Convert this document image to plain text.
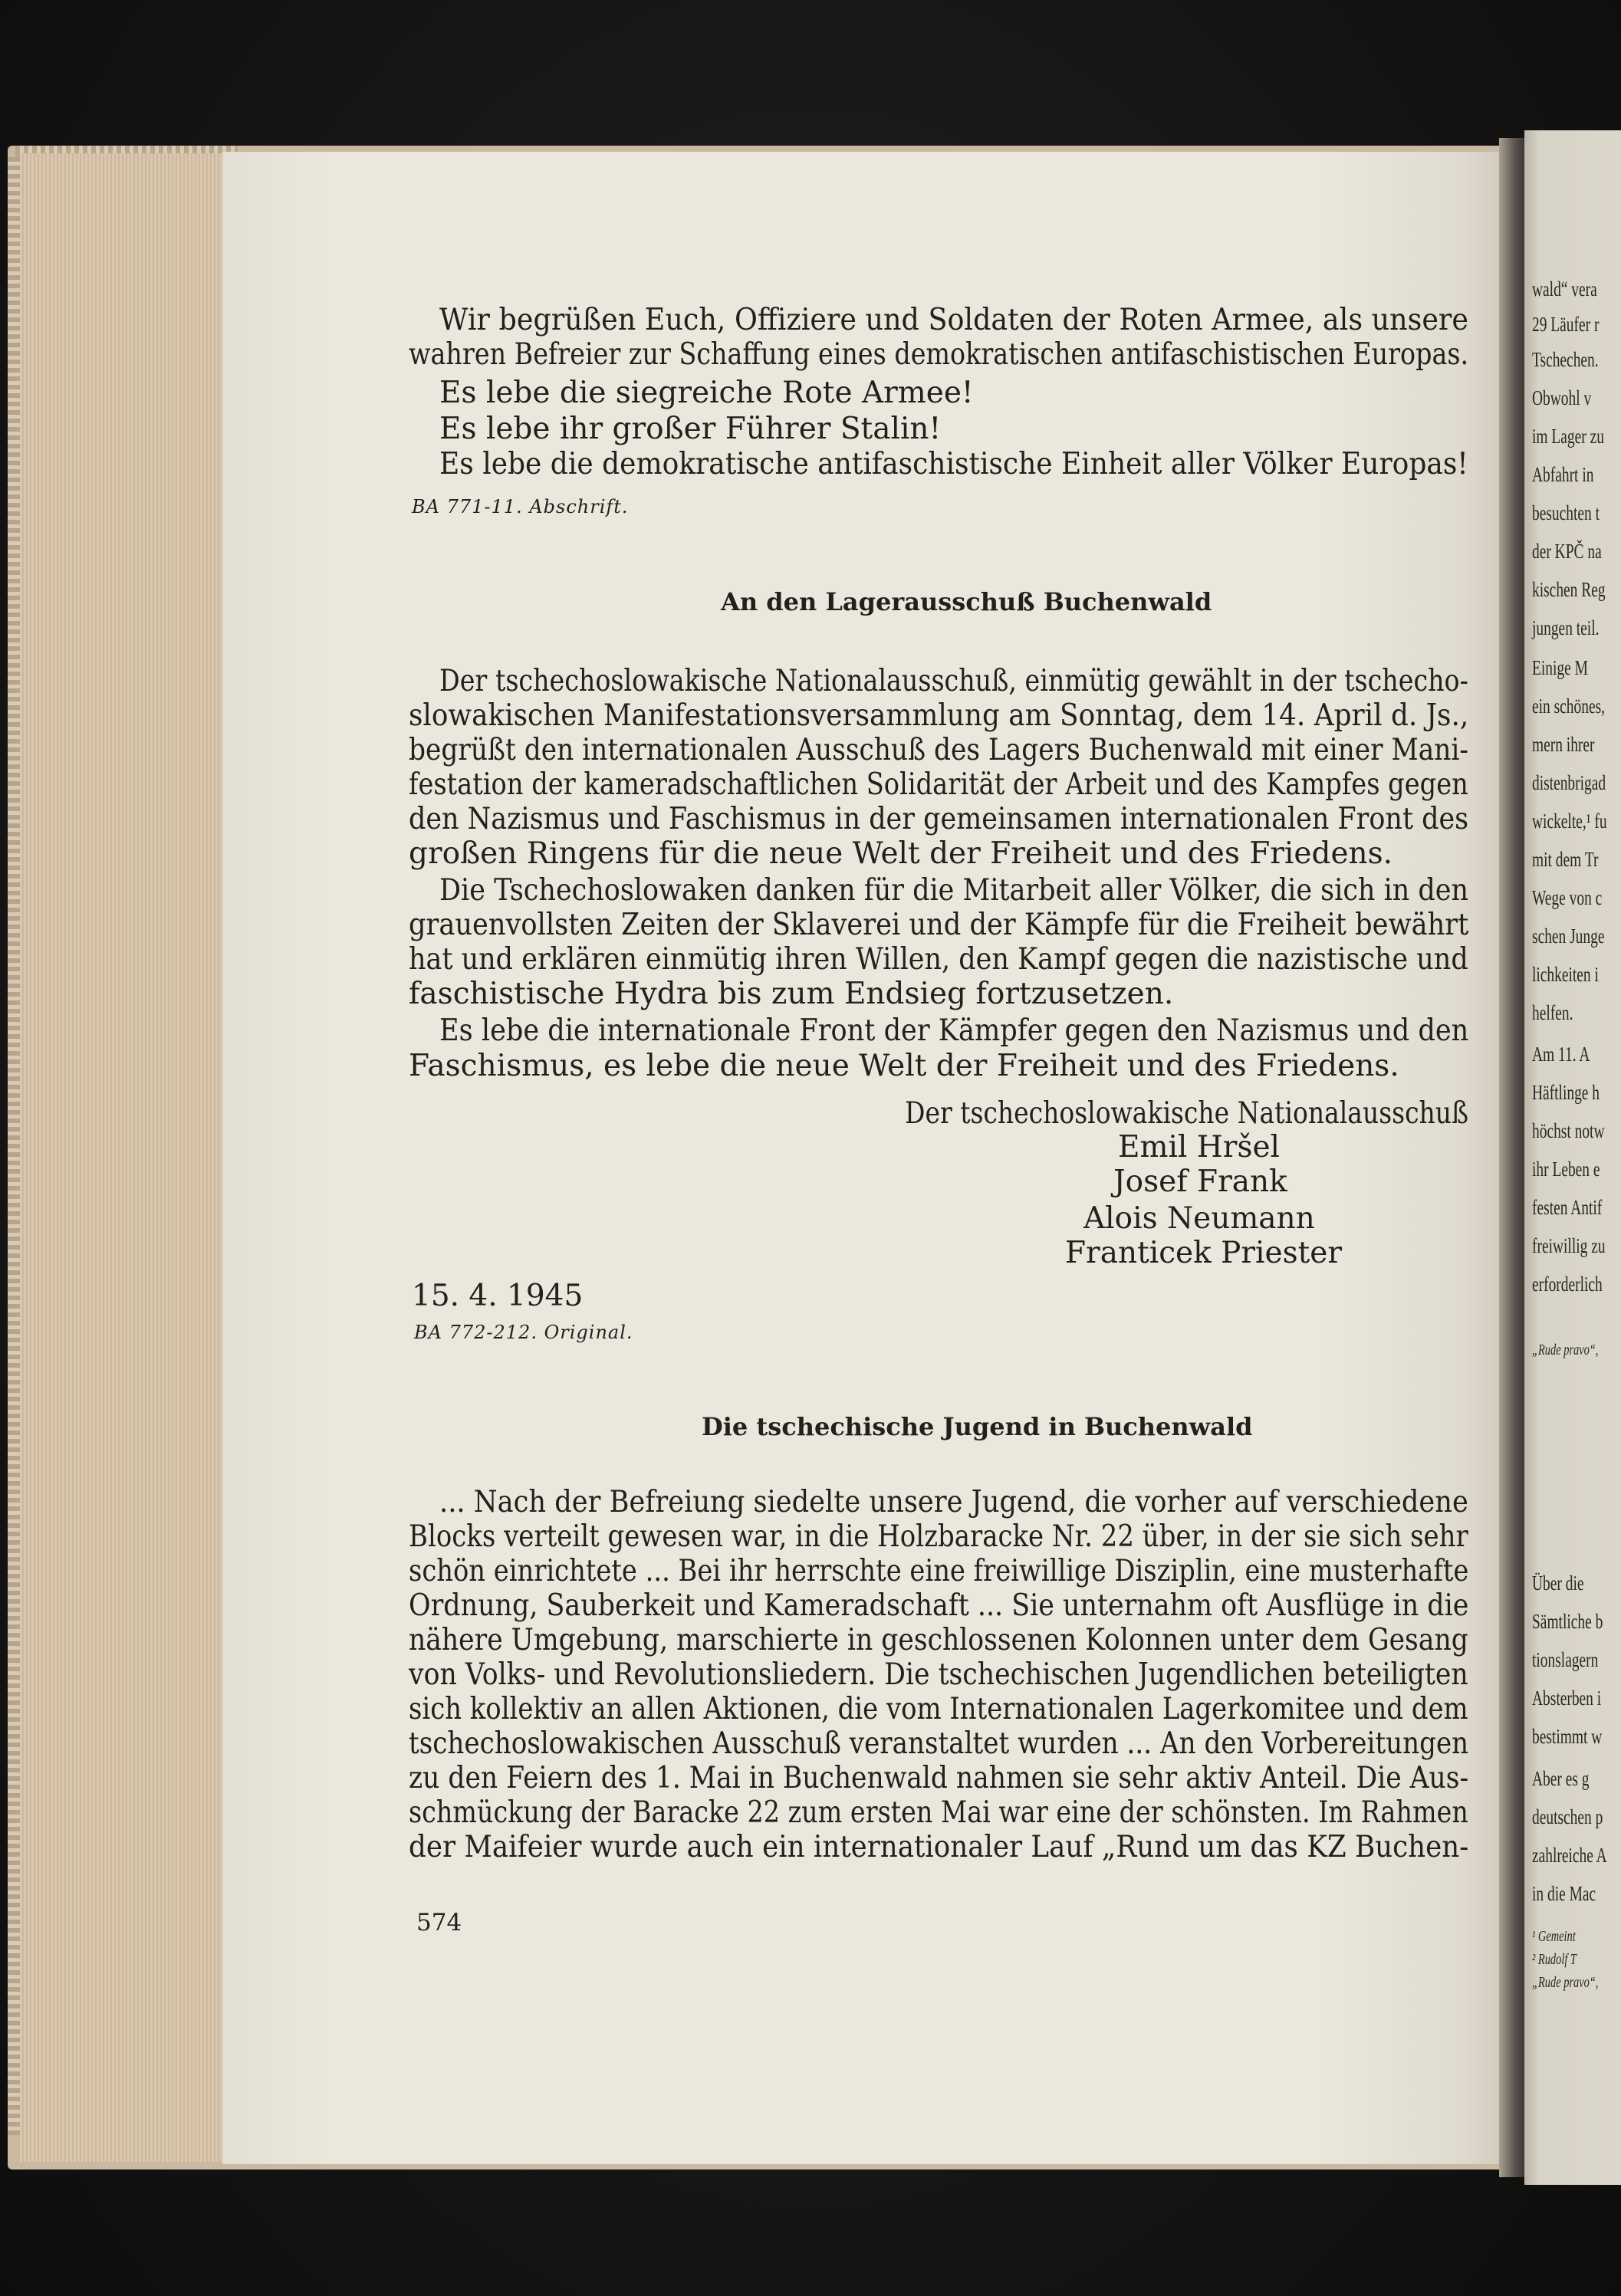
wald“ vera
29 Läufer r
Tschechen.
Obwohl v
im Lager zu
Abfahrt in
besuchten t
der KPČ na
kischen Reg
jungen teil.
Einige M
ein schönes,
mern ihrer
distenbrigad
wickelte,¹ fu
mit dem Tr
Wege von c
schen Junge
lichkeiten i
helfen.
Am 11. A
Häftlinge h
höchst notw
ihr Leben e
festen Antif
freiwillig zu
erforderlich
„Rude pravo“,
Über die
Sämtliche b
tionslagern
Absterben i
bestimmt w
Aber es g
deutschen p
zahlreiche A
in die Mac
¹ Gemeint
² Rudolf T
„Rude pravo“,
Wir begrüßen Euch, Offiziere und Soldaten der Roten Armee, als unsere
wahren Befreier zur Schaffung eines demokratischen antifaschistischen Europas.
Es lebe die siegreiche Rote Armee!
Es lebe ihr großer Führer Stalin!
Es lebe die demokratische antifaschistische Einheit aller Völker Europas!
BA 771-11. Abschrift.
An den Lagerausschuß Buchenwald
Der tschechoslowakische Nationalausschuß, einmütig gewählt in der tschecho-
slowakischen Manifestationsversammlung am Sonntag, dem 14. April d. Js.,
begrüßt den internationalen Ausschuß des Lagers Buchenwald mit einer Mani-
festation der kameradschaftlichen Solidarität der Arbeit und des Kampfes gegen
den Nazismus und Faschismus in der gemeinsamen internationalen Front des
großen Ringens für die neue Welt der Freiheit und des Friedens.
Die Tschechoslowaken danken für die Mitarbeit aller Völker, die sich in den
grauenvollsten Zeiten der Sklaverei und der Kämpfe für die Freiheit bewährt
hat und erklären einmütig ihren Willen, den Kampf gegen die nazistische und
faschistische Hydra bis zum Endsieg fortzusetzen.
Es lebe die internationale Front der Kämpfer gegen den Nazismus und den
Faschismus, es lebe die neue Welt der Freiheit und des Friedens.
Der tschechoslowakische Nationalausschuß
Emil Hršel
Josef Frank
Alois Neumann
Franticek Priester
15. 4. 1945
BA 772-212. Original.
Die tschechische Jugend in Buchenwald
... Nach der Befreiung siedelte unsere Jugend, die vorher auf verschiedene
Blocks verteilt gewesen war, in die Holzbaracke Nr. 22 über, in der sie sich sehr
schön einrichtete ... Bei ihr herrschte eine freiwillige Disziplin, eine musterhafte
Ordnung, Sauberkeit und Kameradschaft ... Sie unternahm oft Ausflüge in die
nähere Umgebung, marschierte in geschlossenen Kolonnen unter dem Gesang
von Volks- und Revolutionsliedern. Die tschechischen Jugendlichen beteiligten
sich kollektiv an allen Aktionen, die vom Internationalen Lagerkomitee und dem
tschechoslowakischen Ausschuß veranstaltet wurden ... An den Vorbereitungen
zu den Feiern des 1. Mai in Buchenwald nahmen sie sehr aktiv Anteil. Die Aus-
schmückung der Baracke 22 zum ersten Mai war eine der schönsten. Im Rahmen
der Maifeier wurde auch ein internationaler Lauf „Rund um das KZ Buchen-
574
